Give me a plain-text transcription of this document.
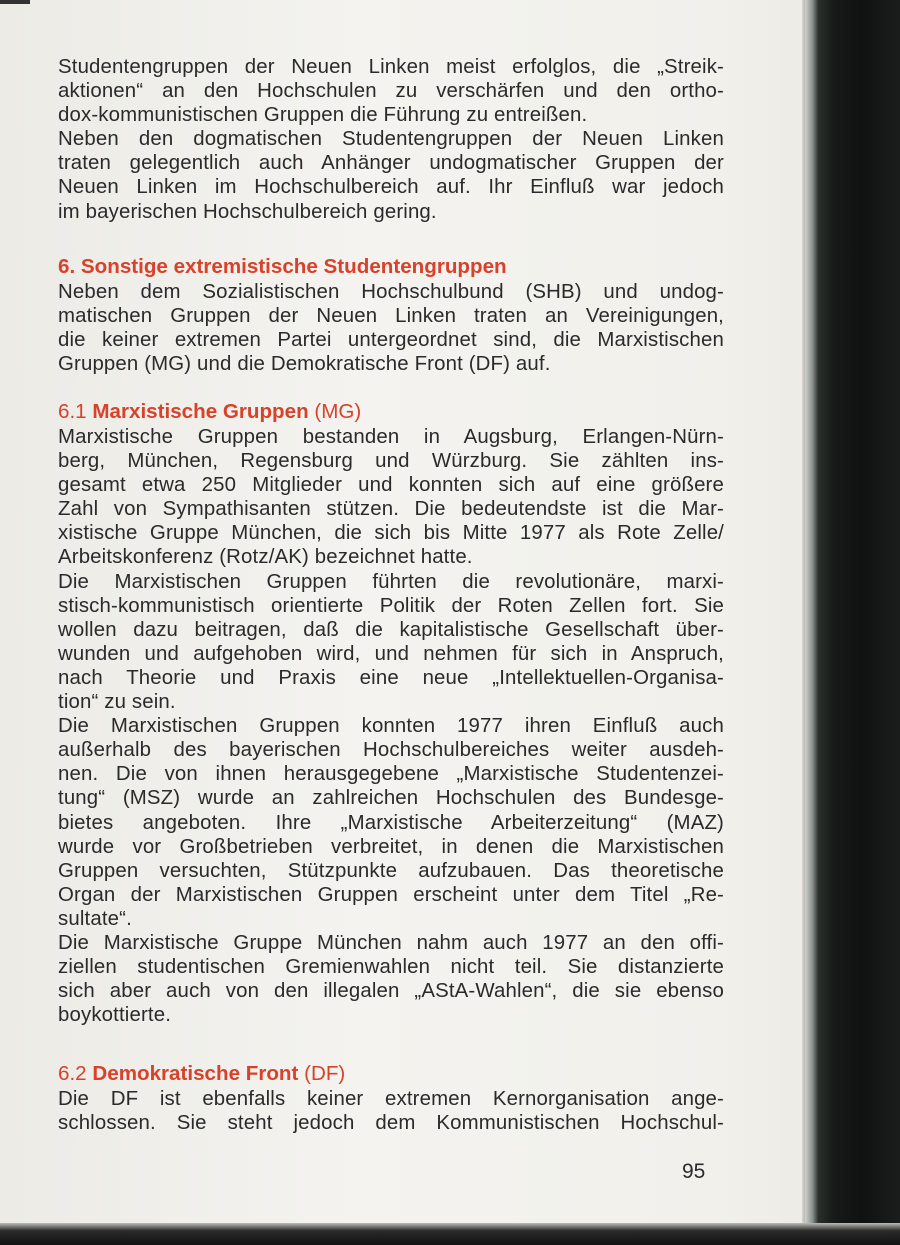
Studentengruppen der Neuen Linken meist erfolglos, die „Streik-
aktionen“ an den Hochschulen zu verschärfen und den ortho-
dox-kommunistischen Gruppen die Führung zu entreißen.
Neben den dogmatischen Studentengruppen der Neuen Linken
traten gelegentlich auch Anhänger undogmatischer Gruppen der
Neuen Linken im Hochschulbereich auf. Ihr Einfluß war jedoch
im bayerischen Hochschulbereich gering.
6. Sonstige extremistische Studentengruppen
Neben dem Sozialistischen Hochschulbund (SHB) und undog-
matischen Gruppen der Neuen Linken traten an Vereinigungen,
die keiner extremen Partei untergeordnet sind, die Marxistischen
Gruppen (MG) und die Demokratische Front (DF) auf.
6.1 Marxistische Gruppen (MG)
Marxistische Gruppen bestanden in Augsburg, Erlangen-Nürn-
berg, München, Regensburg und Würzburg. Sie zählten ins-
gesamt etwa 250 Mitglieder und konnten sich auf eine größere
Zahl von Sympathisanten stützen. Die bedeutendste ist die Mar-
xistische Gruppe München, die sich bis Mitte 1977 als Rote Zelle/
Arbeitskonferenz (Rotz/AK) bezeichnet hatte.
Die Marxistischen Gruppen führten die revolutionäre, marxi-
stisch-kommunistisch orientierte Politik der Roten Zellen fort. Sie
wollen dazu beitragen, daß die kapitalistische Gesellschaft über-
wunden und aufgehoben wird, und nehmen für sich in Anspruch,
nach Theorie und Praxis eine neue „Intellektuellen-Organisa-
tion“ zu sein.
Die Marxistischen Gruppen konnten 1977 ihren Einfluß auch
außerhalb des bayerischen Hochschulbereiches weiter ausdeh-
nen. Die von ihnen herausgegebene „Marxistische Studentenzei-
tung“ (MSZ) wurde an zahlreichen Hochschulen des Bundesge-
bietes angeboten. Ihre „Marxistische Arbeiterzeitung“ (MAZ)
wurde vor Großbetrieben verbreitet, in denen die Marxistischen
Gruppen versuchten, Stützpunkte aufzubauen. Das theoretische
Organ der Marxistischen Gruppen erscheint unter dem Titel „Re-
sultate“.
Die Marxistische Gruppe München nahm auch 1977 an den offi-
ziellen studentischen Gremienwahlen nicht teil. Sie distanzierte
sich aber auch von den illegalen „AStA-Wahlen“, die sie ebenso
boykottierte.
6.2 Demokratische Front (DF)
Die DF ist ebenfalls keiner extremen Kernorganisation ange-
schlossen. Sie steht jedoch dem Kommunistischen Hochschul-
95
